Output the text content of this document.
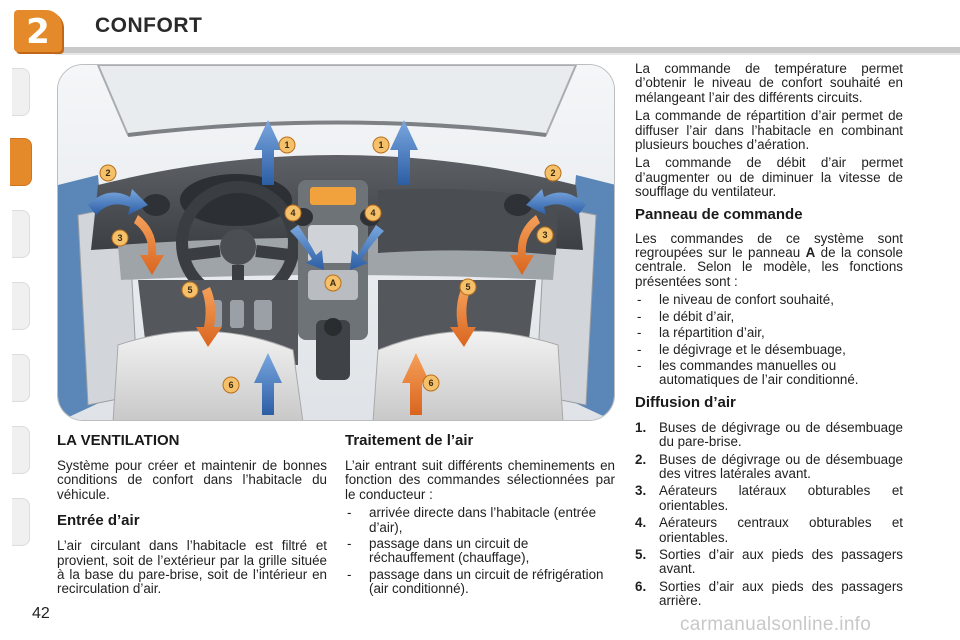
2	CONFORT
1	1
2	2
3	3
4	4
5	5
6	6
A
LA VENTILATION

Système pour créer et maintenir de bonnes conditions de confort dans l’habitacle du véhicule.

Entrée d’air

L’air circulant dans l’habitacle est filtré et provient, soit de l’extérieur par la grille située à la base du pare-brise, soit de l’intérieur en recirculation d’air.

Traitement de l’air

L’air entrant suit différents cheminements en fonction des commandes sélectionnées par le conducteur :

- arrivée directe dans l’habitacle (entrée d’air),
- passage dans un circuit de réchauffement (chauffage),
- passage dans un circuit de réfrigération (air conditionné).

La commande de température permet d’obtenir le niveau de confort souhaité en mélangeant l’air des différents circuits.

La commande de répartition d’air permet de diffuser l’air dans l’habitacle en combinant plusieurs bouches d’aération.

La commande de débit d’air permet d’augmenter ou de diminuer la vitesse de soufflage du ventilateur.

Panneau de commande

Les commandes de ce système sont regroupées sur le panneau A de la console centrale. Selon le modèle, les fonctions présentées sont :

- le niveau de confort souhaité,
- le débit d’air,
- la répartition d’air,
- le dégivrage et le désembuage,
- les commandes manuelles ou automatiques de l’air conditionné.
Diffusion d’air
1. Buses de dégivrage ou de désembuage du pare-brise.
2. Buses de dégivrage ou de désembuage des vitres latérales avant.
3. Aérateurs latéraux obturables et orientables.
4. Aérateurs centraux obturables et orientables.
5. Sorties d’air aux pieds des passagers avant.
6. Sorties d’air aux pieds des passagers arrière.
42
carmanualsonline.info
